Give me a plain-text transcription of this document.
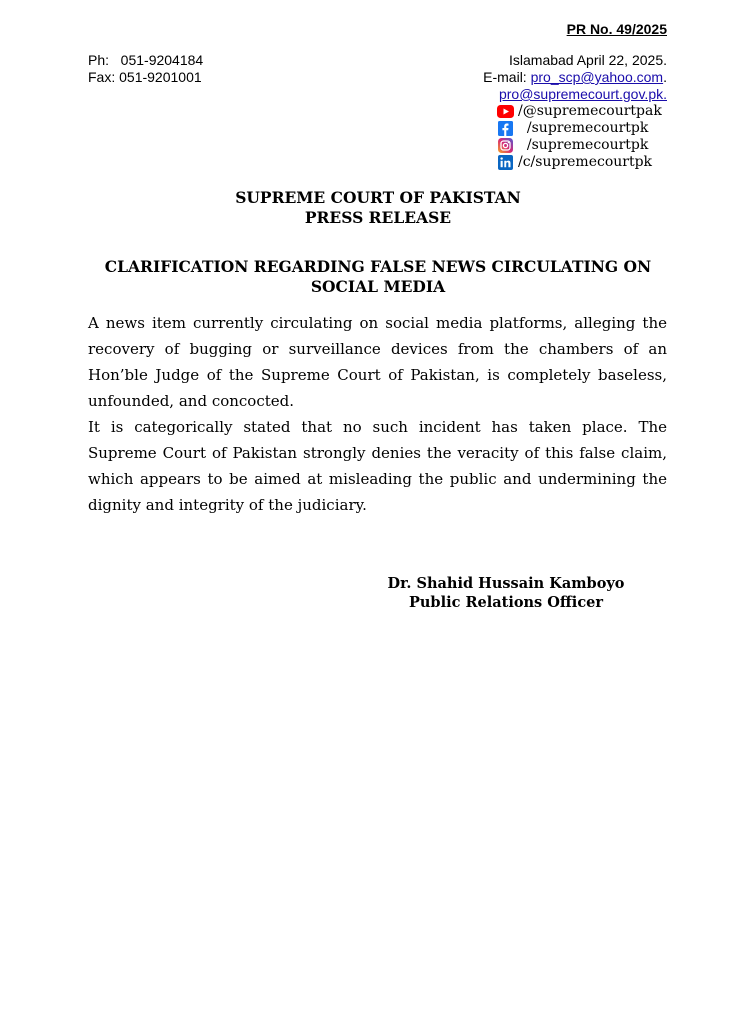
PR No. 49/2025
Ph:   051-9204184
Fax: 051-9201001
Islamabad April 22, 2025.
E-mail: pro_scp@yahoo.com.
pro@supremecourt.gov.pk.
/@supremecourtpak
/supremecourtpk
/supremecourtpk
/c/supremecourtpk
SUPREME COURT OF PAKISTAN
PRESS RELEASE
CLARIFICATION REGARDING FALSE NEWS CIRCULATING ON
SOCIAL MEDIA
A news item currently circulating on social media platforms, alleging the recovery of bugging or surveillance devices from the chambers of an Hon’ble Judge of the Supreme Court of Pakistan, is completely baseless, unfounded, and concocted.
It is categorically stated that no such incident has taken place. The Supreme Court of Pakistan strongly denies the veracity of this false claim, which appears to be aimed at misleading the public and undermining the dignity and integrity of the judiciary.
Dr. Shahid Hussain Kamboyo
Public Relations Officer
